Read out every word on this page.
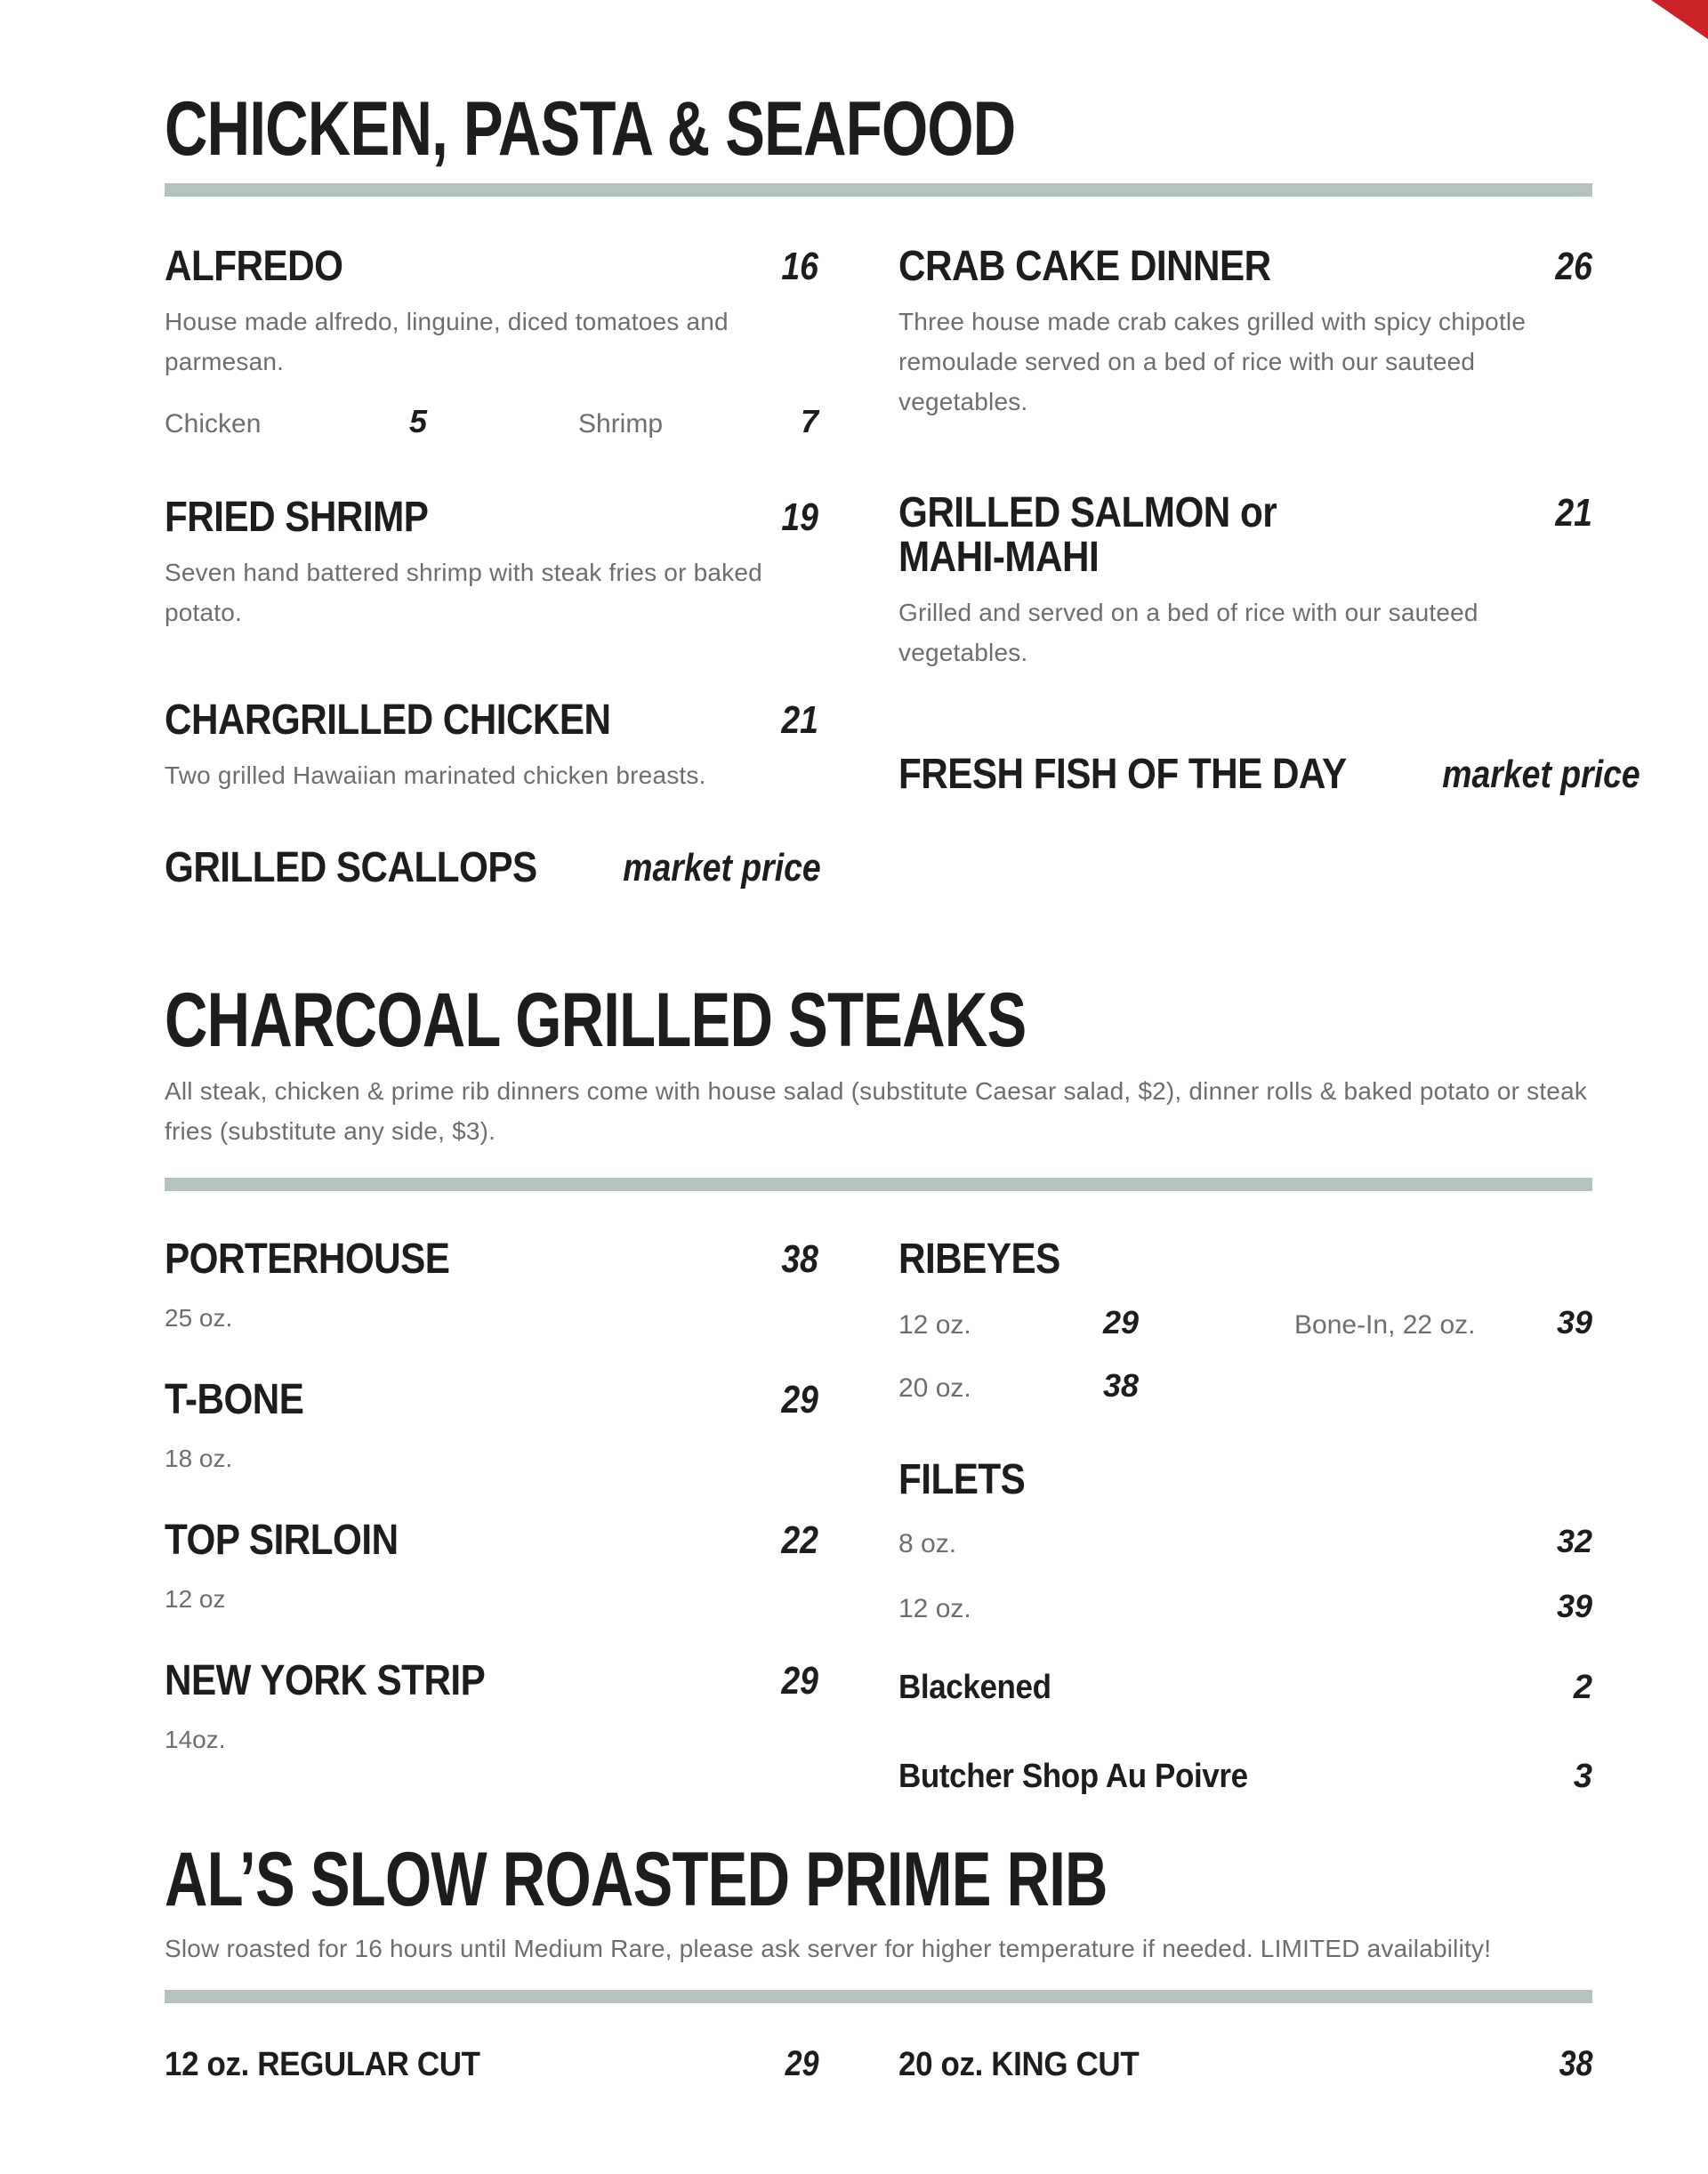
CHICKEN, PASTA & SEAFOOD
ALFREDO	16

House made alfredo, linguine, diced tomatoes and parmesan.

Chicken	5	Shrimp	7
FRIED SHRIMP	19

Seven hand battered shrimp with steak fries or baked potato.

CHARGRILLED CHICKEN	21

Two grilled Hawaiian marinated chicken breasts.

GRILLED SCALLOPS market price
CRAB CAKE DINNER	26

Three house made crab cakes grilled with spicy chipotle remoulade served on a bed of rice with our sauteed vegetables.

GRILLED SALMON or
MAHI-MAHI
21

Grilled and served on a bed of rice with our sauteed vegetables.

FRESH FISH OF THE DAY market price
CHARCOAL GRILLED STEAKS

All steak, chicken & prime rib dinners come with house salad (substitute Caesar salad, $2), dinner rolls & baked potato or steak fries (substitute any side, $3).

PORTERHOUSE	38
25 oz.
T-BONE	29
18 oz.
TOP SIRLOIN	22
12 oz
NEW YORK STRIP	29
14oz.
RIBEYES
12 oz.	29	Bone-In, 22 oz.	39
20 oz.	38
FILETS
8 oz.	32
12 oz.	39
Blackened	2
Butcher Shop Au Poivre	3
AL’S SLOW ROASTED PRIME RIB

Slow roasted for 16 hours until Medium Rare, please ask server for higher temperature if needed. LIMITED availability!

12 oz. REGULAR CUT	29 20 oz. KING CUT	38
